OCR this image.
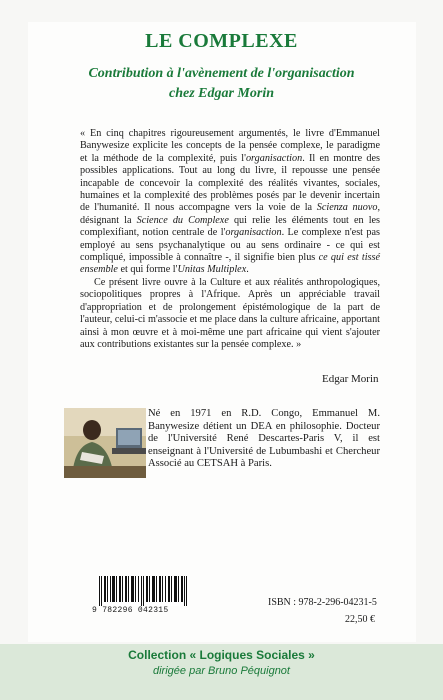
LE COMPLEXE
Contribution à l'avènement de l'organisaction
chez Edgar Morin

« En cinq chapitres rigoureusement argumentés, le livre d'Emmanuel Banywesize explicite les concepts de la pensée complexe, le paradigme et la méthode de la complexité, puis l'organisaction. Il en montre des possibles applications. Tout au long du livre, il repousse une pensée incapable de concevoir la complexité des réalités vivantes, sociales, humaines et la complexité des problèmes posés par le devenir incertain de l'humanité. Il nous accompagne vers la voie de la Scienza nuovo, désignant la Science du Complexe qui relie les éléments tout en les complexifiant, notion centrale de l'organisaction. Le complexe n'est pas employé au sens psychanalytique ou au sens ordinaire - ce qui est compliqué, impossible à connaître -, il signifie bien plus ce qui est tissé ensemble et qui forme l'Unitas Multiplex.

Ce présent livre ouvre à la Culture et aux réalités anthropologiques, sociopolitiques propres à l'Afrique. Après un appréciable travail d'appropriation et de prolongement épistémologique de la part de l'auteur, celui-ci m'associe et me place dans la culture africaine, apportant ainsi à mon œuvre et à moi-même une part africaine qui vient s'ajouter aux contributions existantes sur la pensée complexe. »

Edgar Morin
Né en 1971 en R.D. Congo, Emmanuel M. Banywesize détient un DEA en philosophie. Docteur de l'Université René Descartes-Paris V, il est enseignant à l'Université de Lubumbashi et Chercheur Associé au CETSAH à Paris.
9 782296 042315
ISBN : 978-2-296-04231-5
22,50 €
Collection « Logiques Sociales »
dirigée par Bruno Péquignot
